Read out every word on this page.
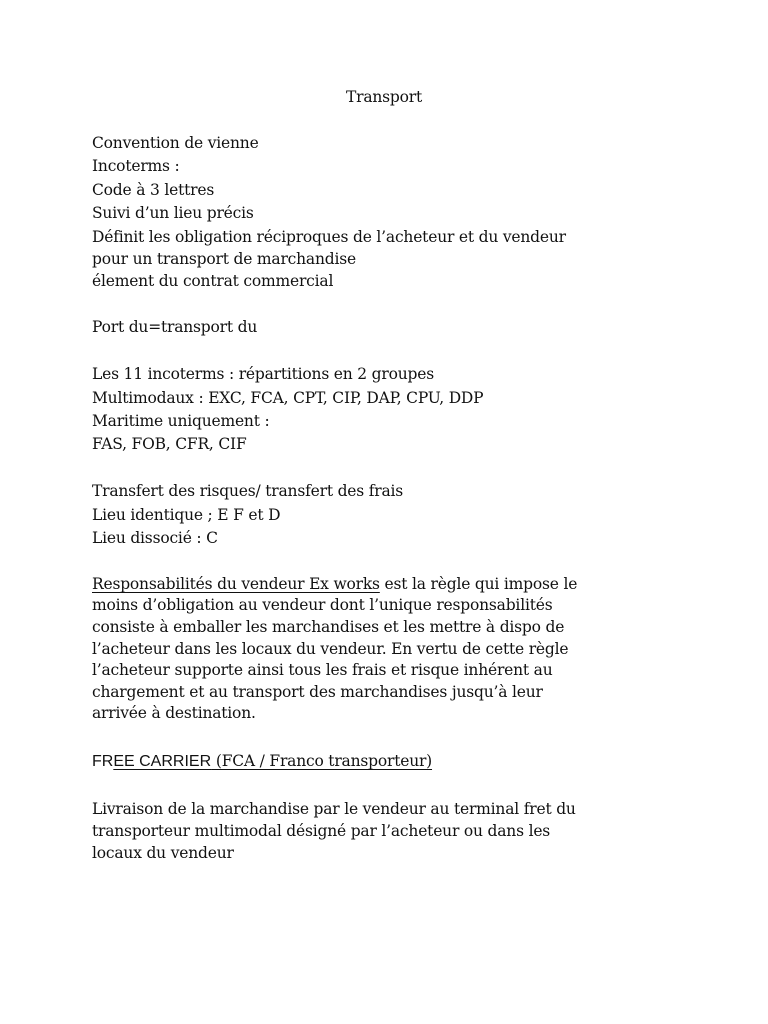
Transport
Convention de vienne
Incoterms :
Code à 3 lettres
Suivi d’un lieu précis
Définit les obligation réciproques de l’acheteur et du vendeur
pour un transport de marchandise
élement du contrat commercial
Port du=transport du
Les 11 incoterms : répartitions en 2 groupes
Multimodaux : EXC, FCA, CPT, CIP, DAP, CPU, DDP
Maritime uniquement :
FAS, FOB, CFR, CIF
Transfert des risques/ transfert des frais
Lieu identique ; E F et D
Lieu dissocié : C
Responsabilités du vendeur Ex works est la règle qui impose le
moins d’obligation au vendeur dont l’unique responsabilités
consiste à emballer les marchandises et les mettre à dispo de
l’acheteur dans les locaux du vendeur. En vertu de cette règle
l’acheteur supporte ainsi tous les frais et risque inhérent au
chargement et au transport des marchandises jusqu’à leur
arrivée à destination.
FREE CARRIER (FCA / Franco transporteur)
Livraison de la marchandise par le vendeur au terminal fret du
transporteur multimodal désigné par l’acheteur ou dans les
locaux du vendeur
